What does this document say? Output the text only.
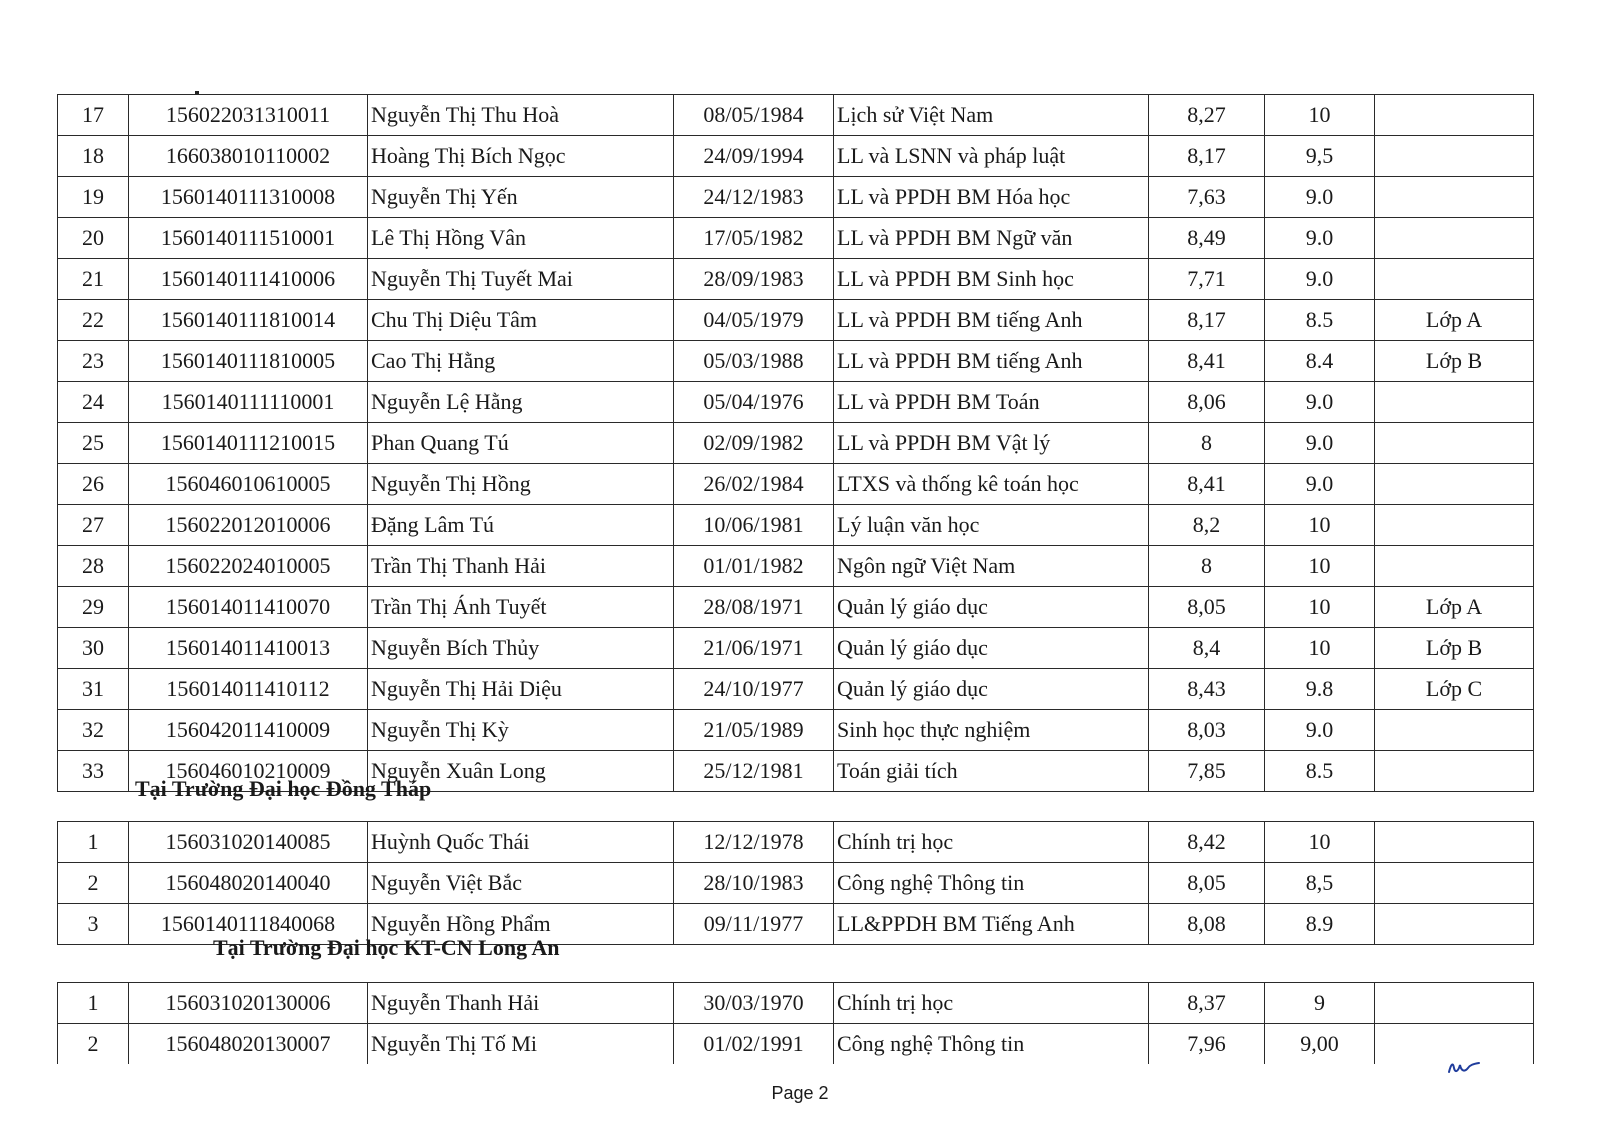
17	156022031310011	Nguyễn Thị Thu Hoà	08/05/1984	Lịch sử Việt Nam	8,27	10	
18	166038010110002	Hoàng Thị Bích Ngọc	24/09/1994	LL và LSNN và pháp luật	8,17	9,5	
19	1560140111310008	Nguyễn Thị Yến	24/12/1983	LL và PPDH BM Hóa học	7,63	9.0	
20	1560140111510001	Lê Thị Hồng Vân	17/05/1982	LL và PPDH BM Ngữ văn	8,49	9.0	
21	1560140111410006	Nguyễn Thị Tuyết Mai	28/09/1983	LL và PPDH BM Sinh học	7,71	9.0	
22	1560140111810014	Chu Thị Diệu Tâm	04/05/1979	LL và PPDH BM tiếng Anh	8,17	8.5	Lớp A
23	1560140111810005	Cao Thị Hằng	05/03/1988	LL và PPDH BM tiếng Anh	8,41	8.4	Lớp B
24	1560140111110001	Nguyễn Lệ Hằng	05/04/1976	LL và PPDH BM Toán	8,06	9.0	
25	1560140111210015	Phan Quang Tú	02/09/1982	LL và PPDH BM Vật lý	8	9.0	
26	156046010610005	Nguyễn Thị Hồng	26/02/1984	LTXS và thống kê toán học	8,41	9.0	
27	156022012010006	Đặng Lâm Tú	10/06/1981	Lý luận văn học	8,2	10	
28	156022024010005	Trần Thị Thanh Hải	01/01/1982	Ngôn ngữ Việt Nam	8	10	
29	156014011410070	Trần Thị Ánh Tuyết	28/08/1971	Quản lý giáo dục	8,05	10	Lớp A
30	156014011410013	Nguyễn Bích Thủy	21/06/1971	Quản lý giáo dục	8,4	10	Lớp B
31	156014011410112	Nguyễn Thị Hải Diệu	24/10/1977	Quản lý giáo dục	8,43	9.8	Lớp C
32	156042011410009	Nguyễn Thị Kỳ	21/05/1989	Sinh học thực nghiệm	8,03	9.0	
33	156046010210009	Nguyễn Xuân Long	25/12/1981	Toán giải tích	7,85	8.5	
Tại Trường Đại học Đồng Tháp
1	156031020140085	Huỳnh Quốc Thái	12/12/1978	Chính trị học	8,42	10	
2	156048020140040	Nguyễn Việt Bắc	28/10/1983	Công nghệ Thông tin	8,05	8,5	
3	1560140111840068	Nguyễn Hồng Phẩm	09/11/1977	LL&PPDH BM Tiếng Anh	8,08	8.9	
Tại Trường Đại học KT-CN Long An
1	156031020130006	Nguyễn Thanh Hải	30/03/1970	Chính trị học	8,37	9	
2	156048020130007	Nguyễn Thị Tố Mi	01/02/1991	Công nghệ Thông tin	7,96	9,00	
Page 2
